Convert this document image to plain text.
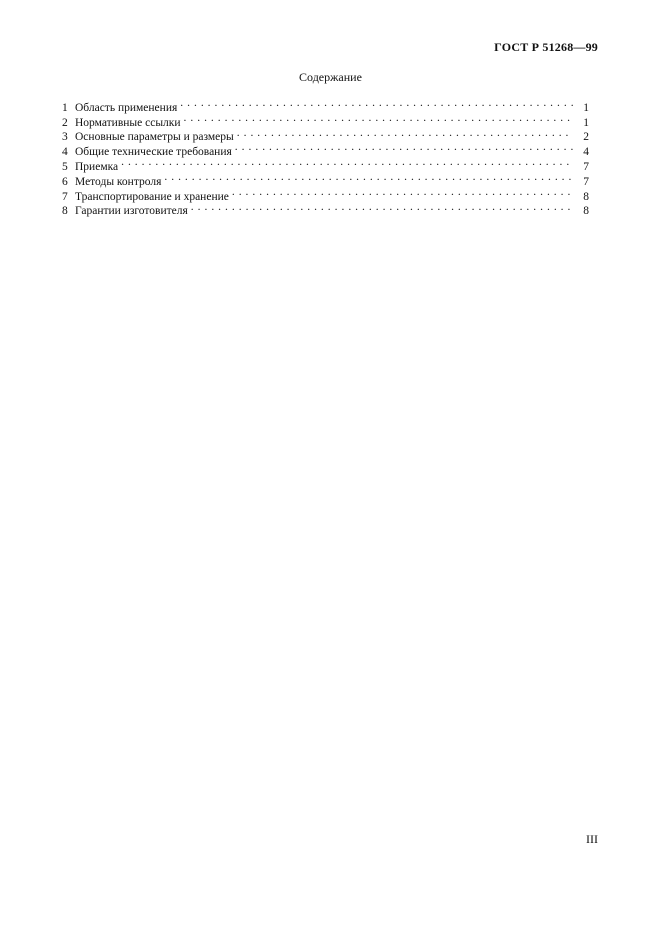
ГОСТ Р 51268—99
Содержание
1 Область применения . . .	1
2 Нормативные ссылки . . .	1
3 Основные параметры и размеры . . .	2
4 Общие технические требования . . .	4
5 Приемка . . .	7
6 Методы контроля . . .	7
7 Транспортирование и хранение . . .	8
8 Гарантии изготовителя . . .	8
III
